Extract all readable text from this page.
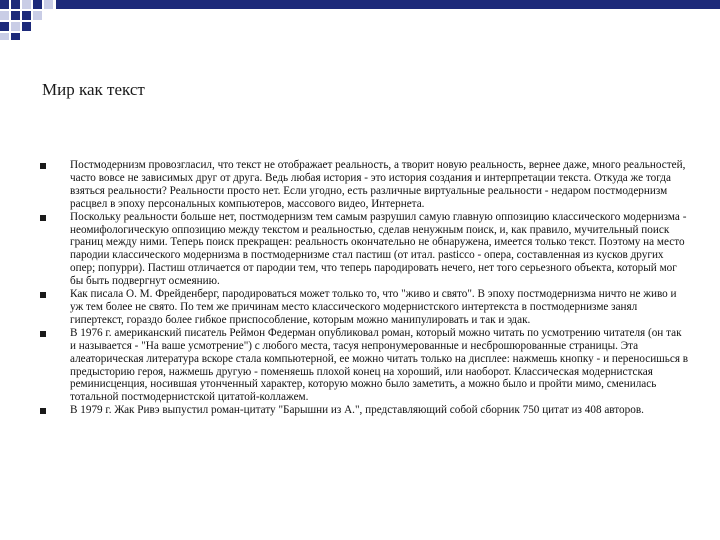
Мир как текст
Постмодернизм провозгласил, что текст не отображает реальность, а творит новую реальность, вернее даже, много реальностей, часто вовсе не зависимых друг от друга. Ведь любая история - это история создания и интерпретации текста. Откуда же тогда взяться реальности? Реальности просто нет. Если угодно, есть различные виртуальные реальности - недаром постмодернизм расцвел в эпоху персональных компьютеров, массового видео, Интернета.
Поскольку реальности больше нет, постмодернизм тем самым разрушил самую главную оппозицию классического модернизма - неомифологическую оппозицию между текстом и реальностью, сделав ненужным поиск, и, как правило, мучительный поиск границ между ними. Теперь поиск прекращен: реальность окончательно не обнаружена, имеется только текст. Поэтому на место пародии классического модернизма в постмодернизме стал пастиш (от итал. pasticco - опера, составленная из кусков других опер; попурри). Пастиш отличается от пародии тем, что теперь пародировать нечего, нет того серьезного объекта, который мог бы быть подвергнут осмеянию.
Как писала О. М. Фрейденберг, пародироваться может только то, что "живо и свято". В эпоху постмодернизма ничто не живо и уж тем более не свято. По тем же причинам место классического модернистского интертекста в постмодернизме занял гипертекст, гораздо более гибкое приспособление, которым можно манипулировать и так и эдак.
В 1976 г. американский писатель Реймон Федерман опубликовал роман, который можно читать по усмотрению читателя (он так и называется - "На ваше усмотрение") с любого места, тасуя непронумерованные и несброшюрованные страницы. Эта алеаторическая литература вскоре стала компьютерной, ее можно читать только на дисплее: нажмешь кнопку - и переносишься в предысторию героя, нажмешь другую - поменяешь плохой конец на хороший, или наоборот. Классическая модернистская реминисценция, носившая утонченный характер, которую можно было заметить, а можно было и пройти мимо, сменилась тотальной постмодернистской цитатой-коллажем.
В 1979 г. Жак Ривэ выпустил роман-цитату "Барышни из А.", представляющий собой сборник 750 цитат из 408 авторов.
